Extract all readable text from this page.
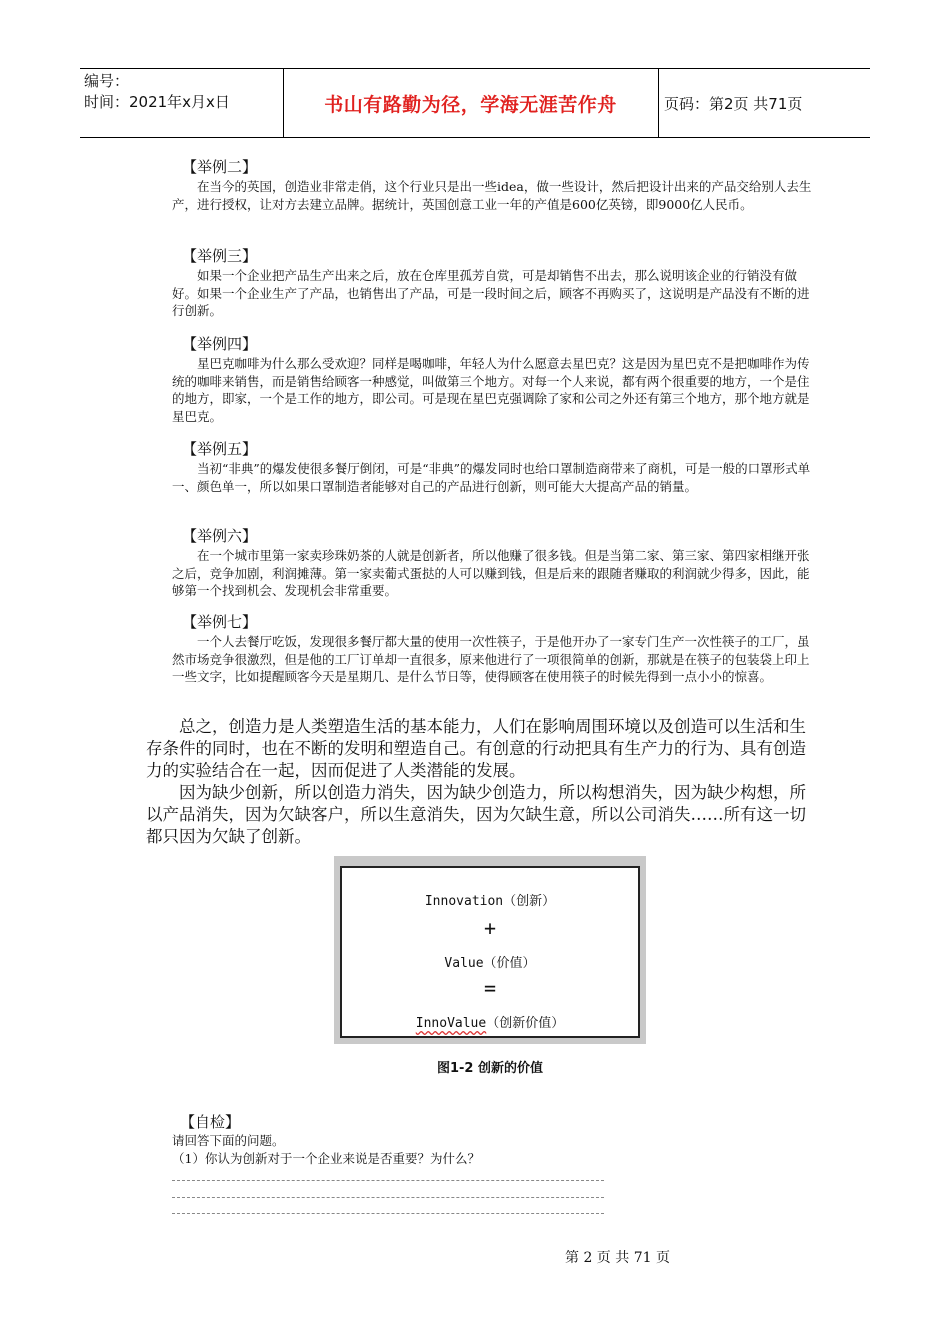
编号：
时间：2021年x月x日	书山有路勤为径，学海无涯苦作舟	页码：第2页 共71页
【举例二】
在当今的英国，创造业非常走俏，这个行业只是出一些idea，做一些设计，然后把设计出来的产品交给别人去生产，进行授权，让对方去建立品牌。据统计，英国创意工业一年的产值是600亿英镑，即9000亿人民币。
【举例三】
如果一个企业把产品生产出来之后，放在仓库里孤芳自赏，可是却销售不出去，那么说明该企业的行销没有做好。如果一个企业生产了产品，也销售出了产品，可是一段时间之后，顾客不再购买了，这说明是产品没有不断的进行创新。
【举例四】
星巴克咖啡为什么那么受欢迎？同样是喝咖啡，年轻人为什么愿意去星巴克？这是因为星巴克不是把咖啡作为传统的咖啡来销售，而是销售给顾客一种感觉，叫做第三个地方。对每一个人来说，都有两个很重要的地方，一个是住的地方，即家，一个是工作的地方，即公司。可是现在星巴克强调除了家和公司之外还有第三个地方，那个地方就是星巴克。
【举例五】
当初“非典”的爆发使很多餐厅倒闭，可是“非典”的爆发同时也给口罩制造商带来了商机，可是一般的口罩形式单一、颜色单一，所以如果口罩制造者能够对自己的产品进行创新，则可能大大提高产品的销量。
【举例六】
在一个城市里第一家卖珍珠奶茶的人就是创新者，所以他赚了很多钱。但是当第二家、第三家、第四家相继开张之后，竞争加剧，利润摊薄。第一家卖葡式蛋挞的人可以赚到钱，但是后来的跟随者赚取的利润就少得多，因此，能够第一个找到机会、发现机会非常重要。
【举例七】
一个人去餐厅吃饭，发现很多餐厅都大量的使用一次性筷子，于是他开办了一家专门生产一次性筷子的工厂，虽然市场竞争很激烈，但是他的工厂订单却一直很多，原来他进行了一项很简单的创新，那就是在筷子的包装袋上印上一些文字，比如提醒顾客今天是星期几、是什么节日等，使得顾客在使用筷子的时候先得到一点小小的惊喜。

总之，创造力是人类塑造生活的基本能力，人们在影响周围环境以及创造可以生活和生存条件的同时，也在不断的发明和塑造自己。有创意的行动把具有生产力的行为、具有创造力的实验结合在一起，因而促进了人类潜能的发展。

因为缺少创新，所以创造力消失，因为缺少创造力，所以构想消失，因为缺少构想，所以产品消失，因为欠缺客户，所以生意消失，因为欠缺生意，所以公司消失……所有这一切都只因为欠缺了创新。

Innovation（创新）
+
Value（价值）
=
InnoValue（创新价值）
图1-2 创新的价值
【自检】
请回答下面的问题。
（1）你认为创新对于一个企业来说是否重要？为什么？
第 2 页 共 71 页
